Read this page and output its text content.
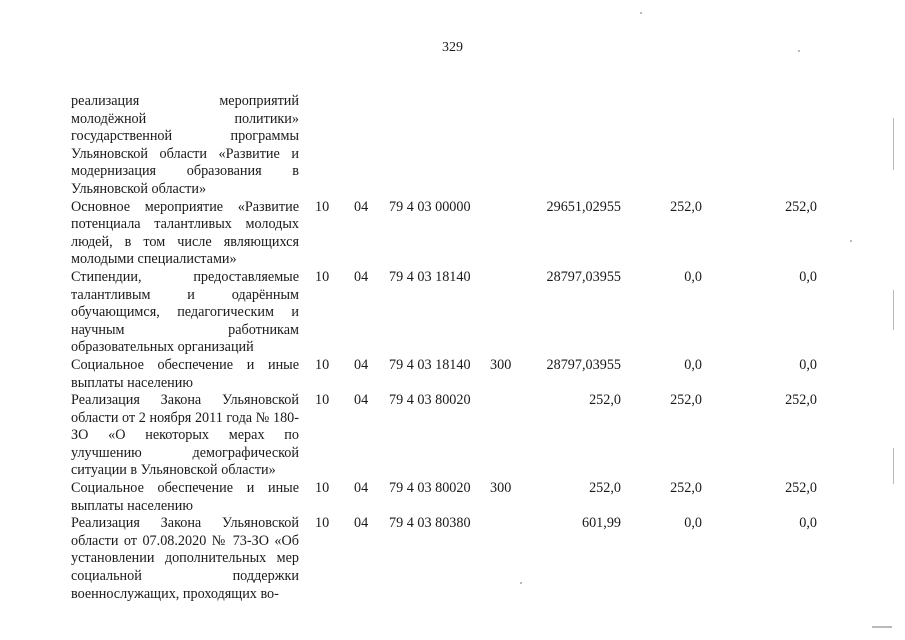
329
реализация мероприятий молодёжной политики» государственной программы Ульяновской области «Развитие и модернизация образования в Ульяновской области»
Основное мероприятие «Развитие потенциала талантливых молодых людей, в том числе являющихся молодыми специалистами»
10 04 79 4 03 00000	29651,02955	252,0	252,0
Стипендии, предоставляемые талантливым и одарённым обучающимся, педагогическим и научным работникам образовательных организаций
10 04 79 4 03 18140	28797,03955	0,0	0,0
Социальное обеспечение и иные выплаты населению
10 04 79 4 03 18140 300	28797,03955	0,0	0,0
Реализация Закона Ульяновской области от 2 ноября 2011 года № 180-ЗО «О некоторых мерах по улучшению демографической ситуации в Ульяновской области»
10 04 79 4 03 80020	252,0	252,0	252,0
Социальное обеспечение и иные выплаты населению
10 04 79 4 03 80020 300	252,0	252,0	252,0
Реализация Закона Ульяновской области от 07.08.2020 № 73-ЗО «Об установлении дополнительных мер социальной поддержки военнослужащих, проходящих во-
10 04 79 4 03 80380	601,99	0,0	0,0
